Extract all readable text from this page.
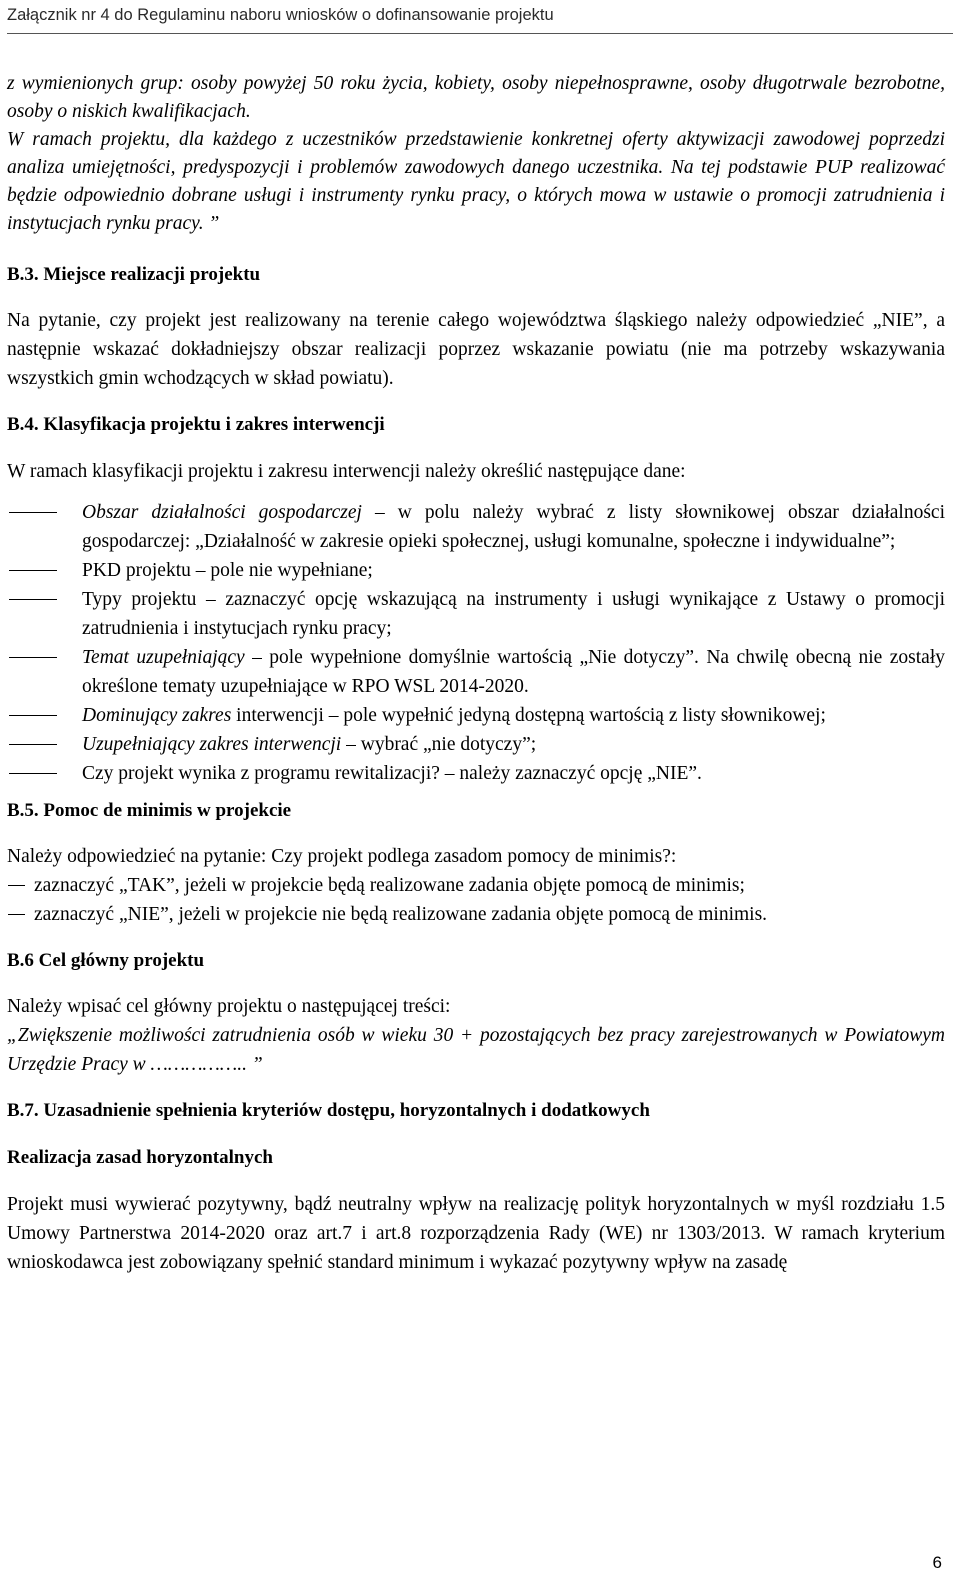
Załącznik nr 4 do Regulaminu naboru wniosków o dofinansowanie projektu

z wymienionych grup: osoby powyżej 50 roku życia, kobiety, osoby niepełnosprawne, osoby długotrwale bezrobotne, osoby o niskich kwalifikacjach.

W ramach projektu, dla każdego z uczestników przedstawienie konkretnej oferty aktywizacji zawodowej poprzedzi analiza umiejętności, predyspozycji i problemów zawodowych danego uczestnika. Na tej podstawie PUP realizować będzie odpowiednio dobrane usługi i instrumenty rynku pracy, o których mowa w ustawie o promocji zatrudnienia i instytucjach rynku pracy. ”

B.3. Miejsce realizacji projektu

Na pytanie, czy projekt jest realizowany na terenie całego województwa śląskiego należy odpowiedzieć „NIE”, a następnie wskazać dokładniejszy obszar realizacji poprzez wskazanie powiatu (nie ma potrzeby wskazywania wszystkich gmin wchodzących w skład powiatu).

B.4. Klasyfikacja projektu i zakres interwencji

W ramach klasyfikacji projektu i zakresu interwencji należy określić następujące dane:

Obszar działalności gospodarczej – w polu należy wybrać z listy słownikowej obszar działalności gospodarczej: „Działalność w zakresie opieki społecznej, usługi komunalne, społeczne i indywidualne”;
PKD projektu – pole nie wypełniane;
Typy projektu – zaznaczyć opcję wskazującą na instrumenty i usługi wynikające z Ustawy o promocji zatrudnienia i instytucjach rynku pracy;
Temat uzupełniający – pole wypełnione domyślnie wartością „Nie dotyczy”. Na chwilę obecną nie zostały określone tematy uzupełniające w RPO WSL 2014-2020.
Dominujący zakres interwencji – pole wypełnić jedyną dostępną wartością z listy słownikowej;
Uzupełniający zakres interwencji – wybrać „nie dotyczy”;
Czy projekt wynika z programu rewitalizacji? – należy zaznaczyć opcję „NIE”.
B.5. Pomoc de minimis w projekcie

Należy odpowiedzieć na pytanie: Czy projekt podlega zasadom pomocy de minimis?:

zaznaczyć „TAK”, jeżeli w projekcie będą realizowane zadania objęte pomocą de minimis;
zaznaczyć „NIE”, jeżeli w projekcie nie będą realizowane zadania objęte pomocą de minimis.
B.6 Cel główny projektu

Należy wpisać cel główny projektu o następującej treści:

„Zwiększenie możliwości zatrudnienia osób w wieku 30 + pozostających bez pracy zarejestrowanych w Powiatowym Urzędzie Pracy w …………….. ”

B.7. Uzasadnienie spełnienia kryteriów dostępu, horyzontalnych i dodatkowych
Realizacja zasad horyzontalnych

Projekt musi wywierać pozytywny, bądź neutralny wpływ na realizację polityk horyzontalnych w myśl rozdziału 1.5 Umowy Partnerstwa 2014-2020 oraz art.7 i art.8 rozporządzenia Rady (WE) nr 1303/2013. W ramach kryterium wnioskodawca jest zobowiązany spełnić standard minimum i wykazać pozytywny wpływ na zasadę

6
